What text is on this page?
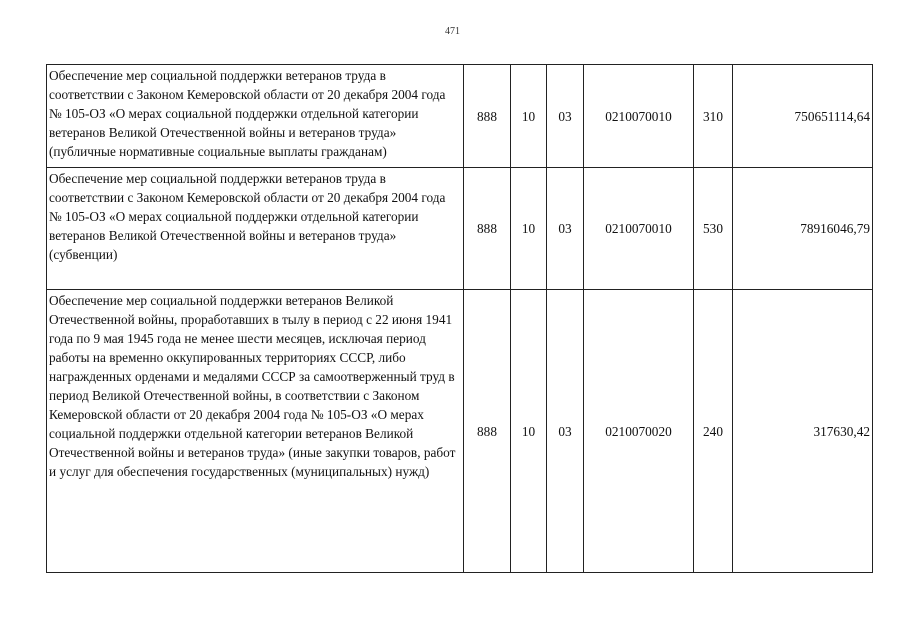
471
Обеспечение мер социальной поддержки ветеранов труда в соответствии с Законом Кемеровской области от 20 декабря 2004 года № 105-ОЗ «О мерах социальной поддержки отдельной категории ветеранов Великой Отечественной войны и ветеранов труда» (публичные нормативные социальные выплаты гражданам)	888	10	03	0210070010	310	750651114,64
Обеспечение мер социальной поддержки ветеранов труда в соответствии с Законом Кемеровской области от 20 декабря 2004 года № 105-ОЗ «О мерах социальной поддержки отдельной категории ветеранов Великой Отечественной войны и ветеранов труда» (субвенции)	888	10	03	0210070010	530	78916046,79
Обеспечение мер социальной поддержки ветеранов Великой Отечественной войны, проработавших в тылу в период с 22 июня 1941 года по 9 мая 1945 года не менее шести месяцев, исключая период работы на временно оккупированных территориях СССР, либо награжденных орденами и медалями СССР за самоотверженный труд в период Великой Отечественной войны, в соответствии с Законом Кемеровской области от 20 декабря 2004 года № 105-ОЗ «О мерах социальной поддержки отдельной категории ветеранов Великой Отечественной войны и ветеранов труда» (иные закупки товаров, работ и услуг для обеспечения государственных (муниципальных) нужд)	888	10	03	0210070020	240	317630,42
